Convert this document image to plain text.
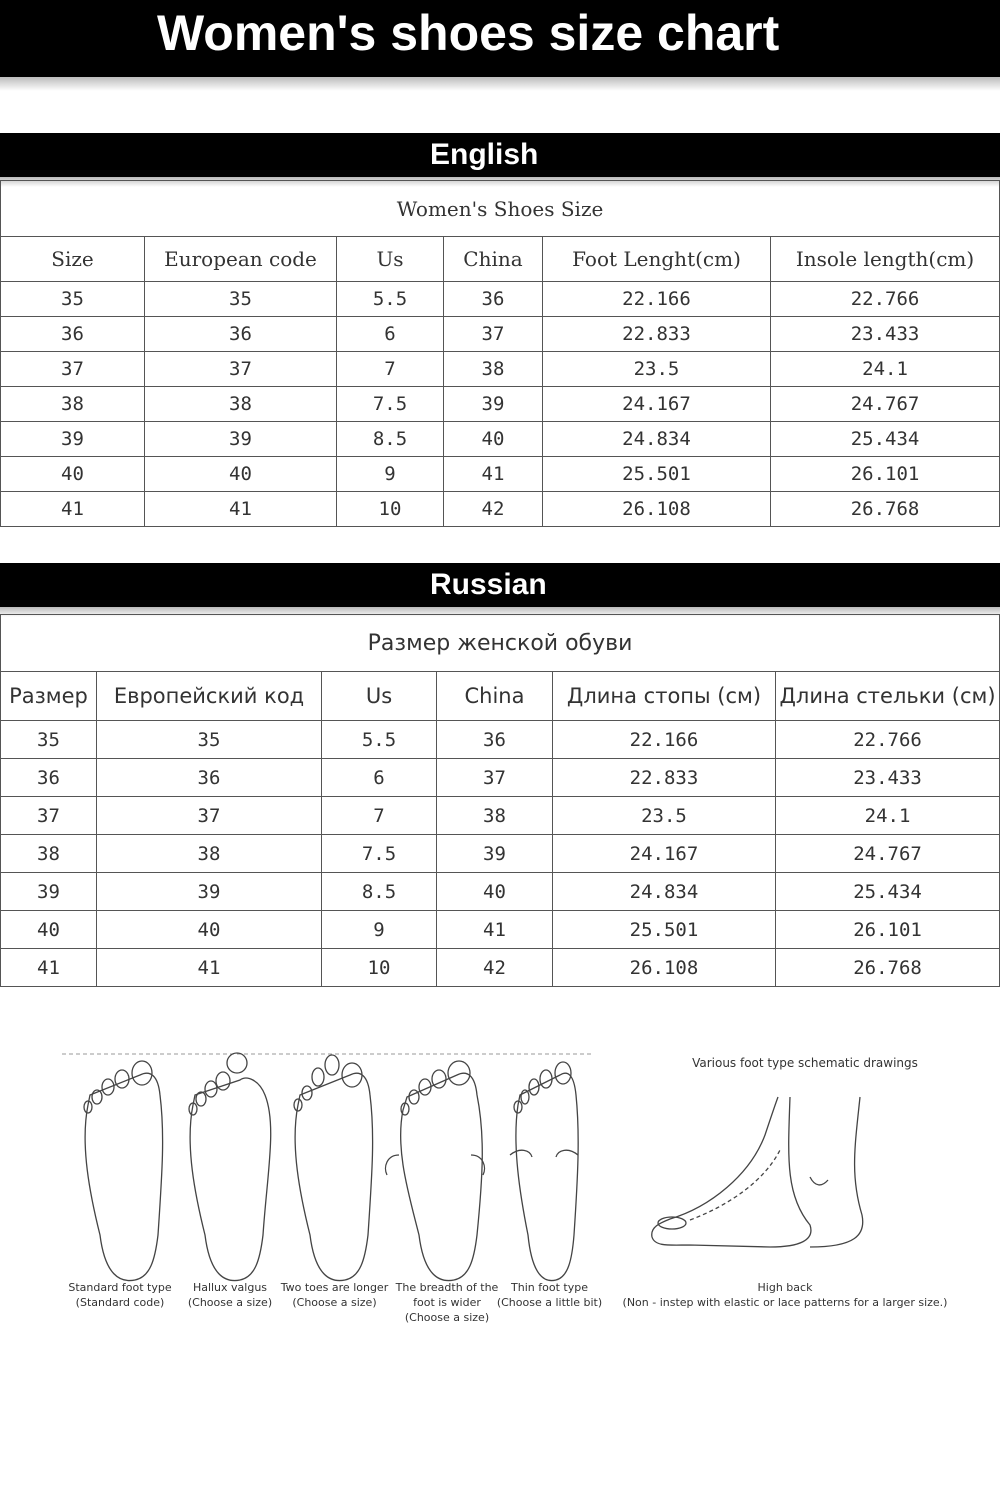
Women's shoes size chart
English
Women's Shoes Size					
Size	European code	Us	China	Foot Lenght(cm)	Insole length(cm)
35	35	5.5	36	22.166	22.766
36	36	6	37	22.833	23.433
37	37	7	38	23.5	24.1
38	38	7.5	39	24.167	24.767
39	39	8.5	40	24.834	25.434
40	40	9	41	25.501	26.101
41	41	10	42	26.108	26.768
Russian
Размер женской обуви					
Размер	Европейский код	Us	China	Длина стопы (см)	Длина стельки (см)
35	35	5.5	36	22.166	22.766
36	36	6	37	22.833	23.433
37	37	7	38	23.5	24.1
38	38	7.5	39	24.167	24.767
39	39	8.5	40	24.834	25.434
40	40	9	41	25.501	26.101
41	41	10	42	26.108	26.768
Standard foot type
(Standard code)
Hallux valgus
(Choose a size)
Two toes are longer
(Choose a size)
The breadth of the
foot is wider
(Choose a size)
Thin foot type
(Choose a little bit)
Various foot type schematic drawings
High back
(Non - instep with elastic or lace patterns for a larger size.)
